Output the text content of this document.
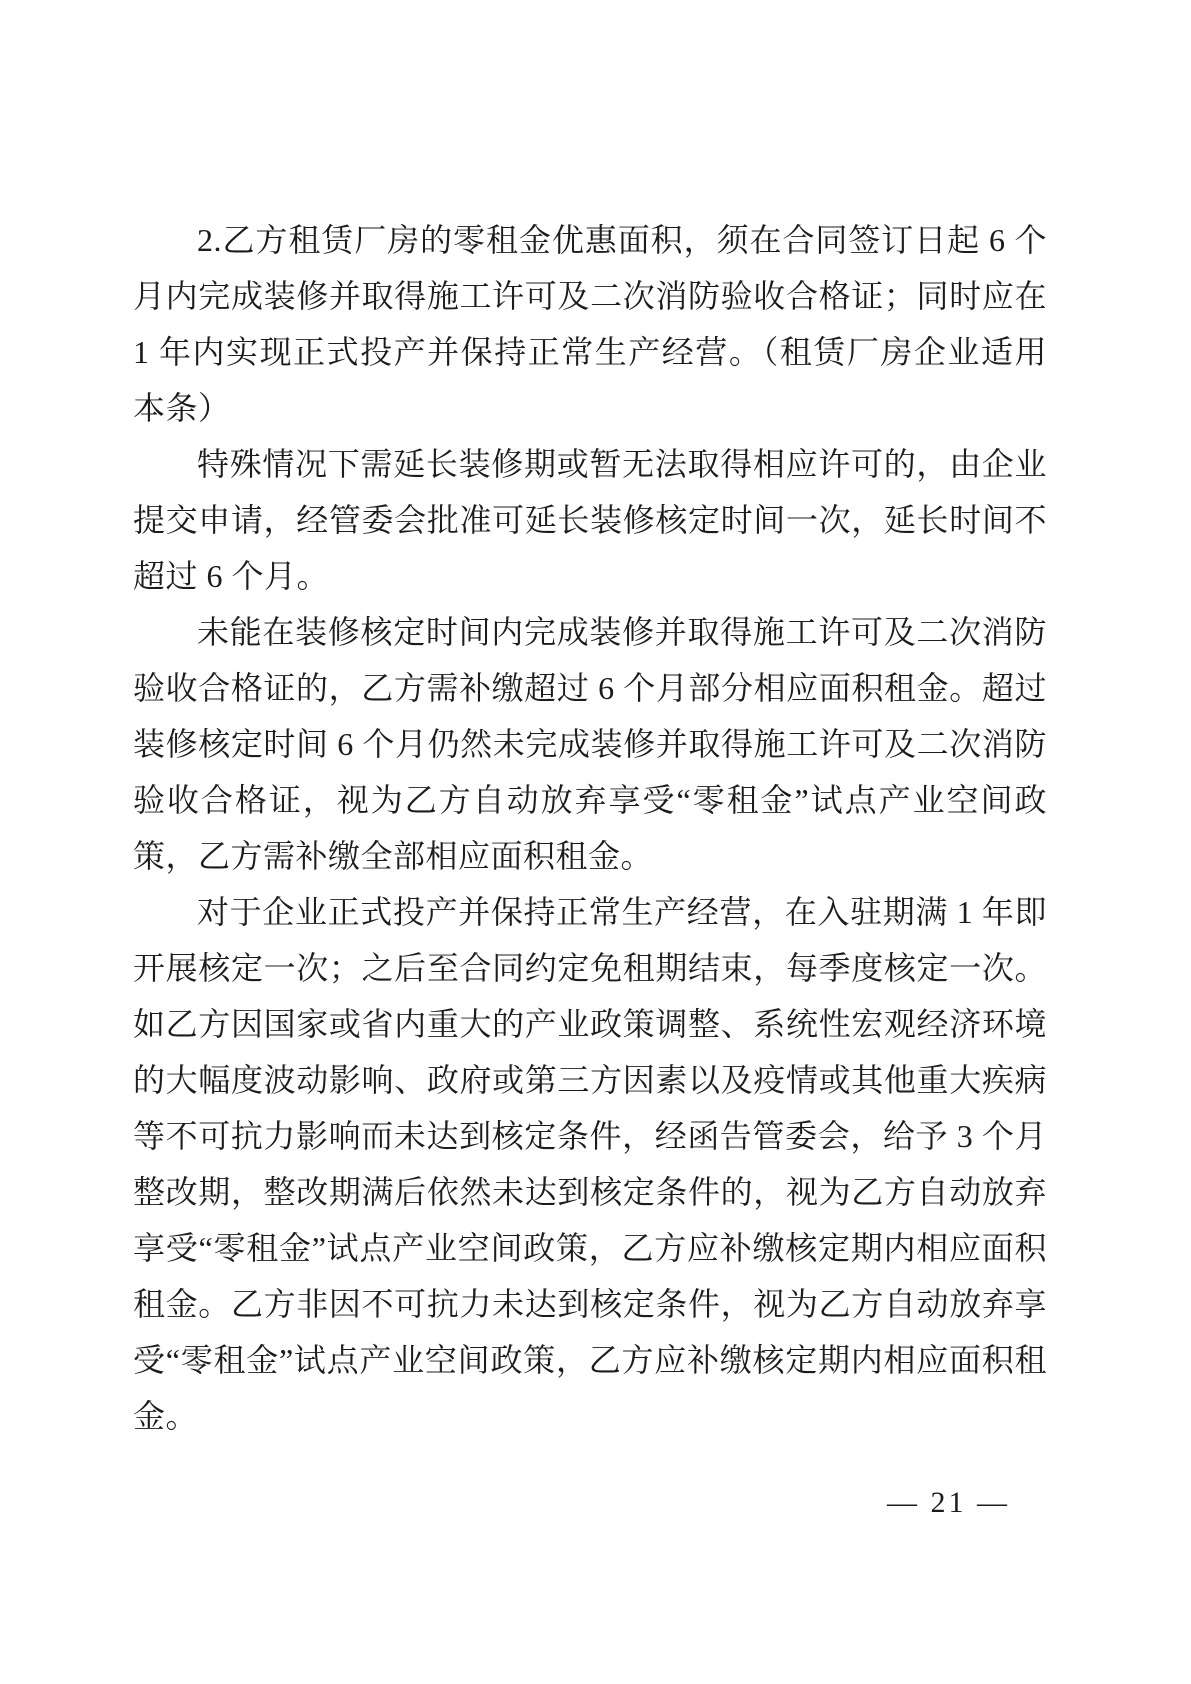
2.乙方租赁厂房的零租金优惠面积，须在合同签订日起 6 个月内完成装修并取得施工许可及二次消防验收合格证；同时应在 1 年内实现正式投产并保持正常生产经营。（租赁厂房企业适用本条）

特殊情况下需延长装修期或暂无法取得相应许可的，由企业提交申请，经管委会批准可延长装修核定时间一次，延长时间不超过 6 个月。

未能在装修核定时间内完成装修并取得施工许可及二次消防验收合格证的，乙方需补缴超过 6 个月部分相应面积租金。超过装修核定时间 6 个月仍然未完成装修并取得施工许可及二次消防验收合格证，视为乙方自动放弃享受“零租金”试点产业空间政策，乙方需补缴全部相应面积租金。

对于企业正式投产并保持正常生产经营，在入驻期满 1 年即开展核定一次；之后至合同约定免租期结束，每季度核定一次。如乙方因国家或省内重大的产业政策调整、系统性宏观经济环境的大幅度波动影响、政府或第三方因素以及疫情或其他重大疾病等不可抗力影响而未达到核定条件，经函告管委会，给予 3 个月整改期，整改期满后依然未达到核定条件的，视为乙方自动放弃享受“零租金”试点产业空间政策，乙方应补缴核定期内相应面积租金。乙方非因不可抗力未达到核定条件，视为乙方自动放弃享受“零租金”试点产业空间政策，乙方应补缴核定期内相应面积租金。

— 21 —
